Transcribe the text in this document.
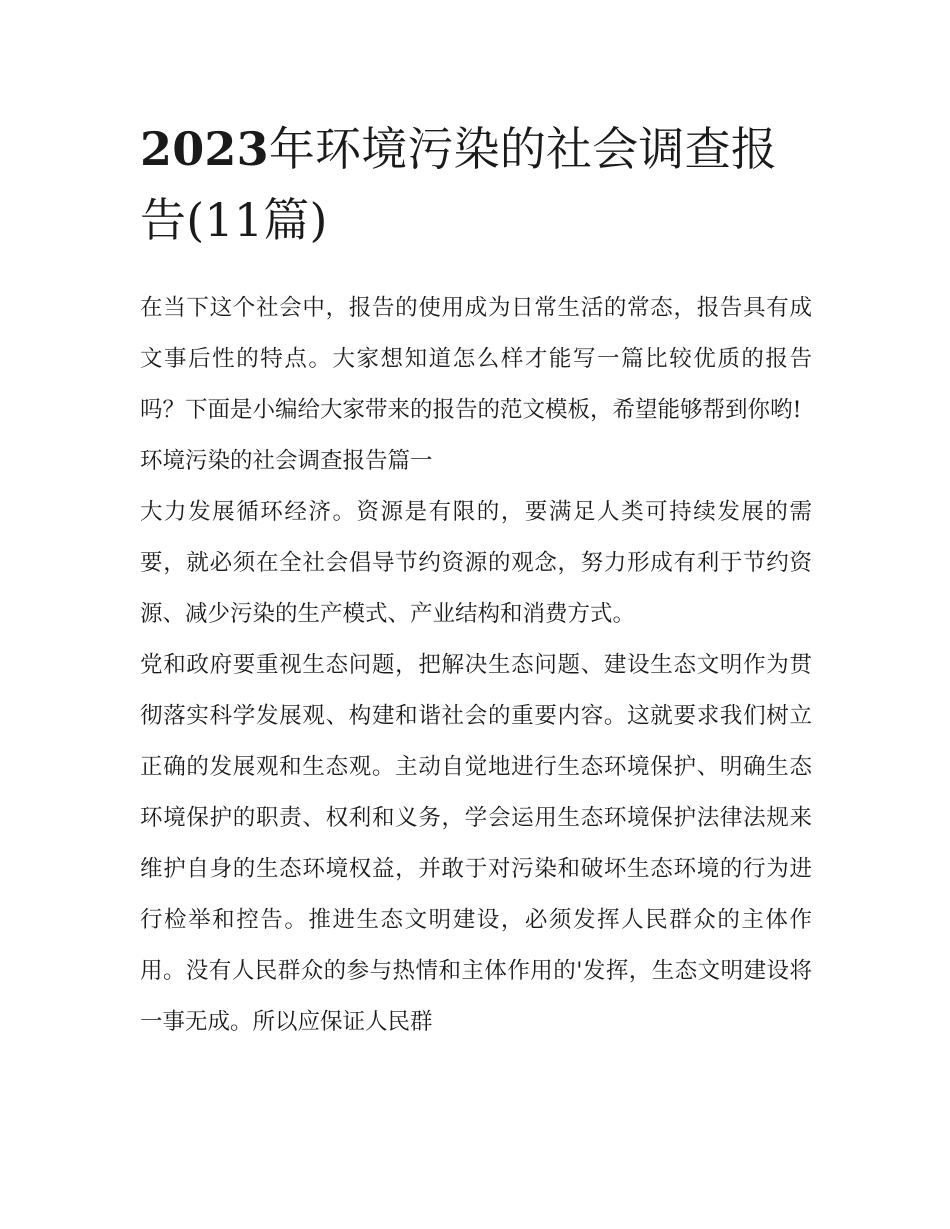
2023年环境污染的社会调查报告(11篇)

在当下这个社会中，报告的使用成为日常生活的常态，报告具有成文事后性的特点。大家想知道怎么样才能写一篇比较优质的报告吗？下面是小编给大家带来的报告的范文模板，希望能够帮到你哟!

环境污染的社会调查报告篇一

大力发展循环经济。资源是有限的，要满足人类可持续发展的需要，就必须在全社会倡导节约资源的观念，努力形成有利于节约资源、减少污染的生产模式、产业结构和消费方式。

党和政府要重视生态问题，把解决生态问题、建设生态文明作为贯彻落实科学发展观、构建和谐社会的重要内容。这就要求我们树立正确的发展观和生态观。主动自觉地进行生态环境保护、明确生态环境保护的职责、权利和义务，学会运用生态环境保护法律法规来维护自身的生态环境权益，并敢于对污染和破坏生态环境的行为进行检举和控告。推进生态文明建设，必须发挥人民群众的主体作用。没有人民群众的参与热情和主体作用的'发挥，生态文明建设将一事无成。所以应保证人民群
